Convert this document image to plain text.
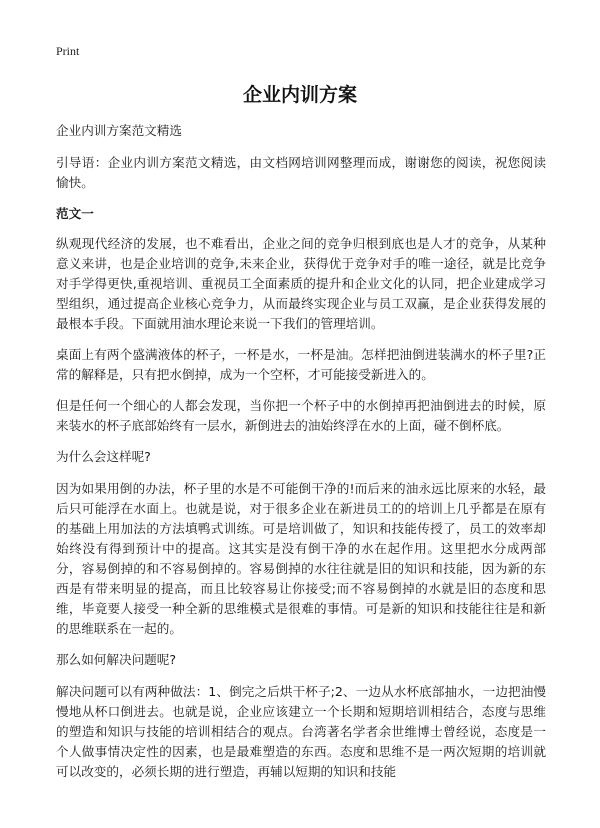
Print
企业内训方案

企业内训方案范文精选

引导语：企业内训方案范文精选，由文档网培训网整理而成，谢谢您的阅读，祝您阅读愉快。

范文一

纵观现代经济的发展，也不难看出，企业之间的竞争归根到底也是人才的竞争，从某种意义来讲，也是企业培训的竞争,未来企业，获得优于竞争对手的唯一途径，就是比竞争对手学得更快,重视培训、重视员工全面素质的提升和企业文化的认同，把企业建成学习型组织，通过提高企业核心竞争力，从而最终实现企业与员工双赢，是企业获得发展的最根本手段。下面就用油水理论来说一下我们的管理培训。

桌面上有两个盛满液体的杯子，一杯是水，一杯是油。怎样把油倒进装满水的杯子里?正常的解释是，只有把水倒掉，成为一个空杯，才可能接受新进入的。

但是任何一个细心的人都会发现，当你把一个杯子中的水倒掉再把油倒进去的时候，原来装水的杯子底部始终有一层水，新倒进去的油始终浮在水的上面，碰不倒杯底。

为什么会这样呢?

因为如果用倒的办法，杯子里的水是不可能倒干净的!而后来的油永远比原来的水轻，最后只可能浮在水面上。也就是说，对于很多企业在新进员工的的培训上几乎都是在原有的基础上用加法的方法填鸭式训练。可是培训做了，知识和技能传授了，员工的效率却始终没有得到预计中的提高。这其实是没有倒干净的水在起作用。这里把水分成两部分，容易倒掉的和不容易倒掉的。容易倒掉的水往往就是旧的知识和技能，因为新的东西是有带来明显的提高，而且比较容易让你接受;而不容易倒掉的水就是旧的态度和思维，毕竟要人接受一种全新的思维模式是很难的事情。可是新的知识和技能往往是和新的思维联系在一起的。

那么如何解决问题呢?

解决问题可以有两种做法：1、倒完之后烘干杯子;2、一边从水杯底部抽水，一边把油慢慢地从杯口倒进去。也就是说，企业应该建立一个长期和短期培训相结合，态度与思维的塑造和知识与技能的培训相结合的观点。台湾著名学者余世维博士曾经说，态度是一个人做事情决定性的因素，也是最难塑造的东西。态度和思维不是一两次短期的培训就可以改变的，必须长期的进行塑造，再辅以短期的知识和技能
